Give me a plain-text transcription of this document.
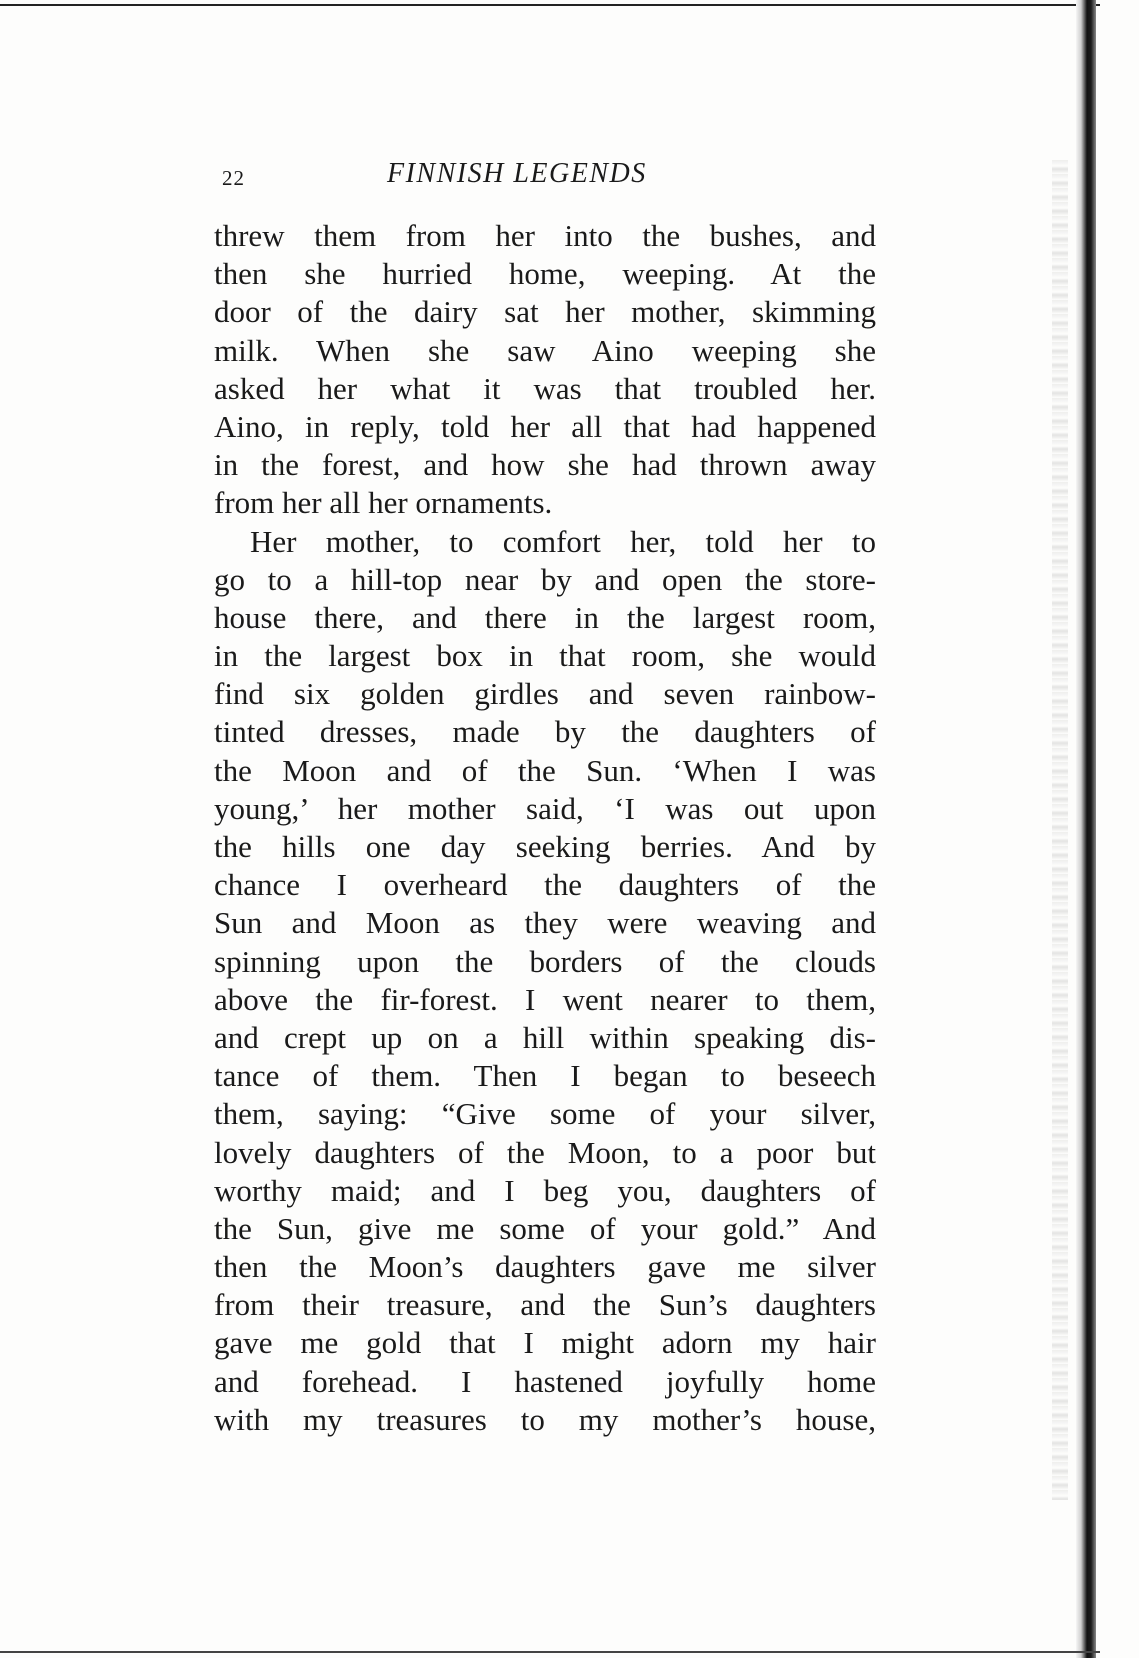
22	FINNISH LEGENDS
threw them from her into the bushes, and
then she hurried home, weeping. At the
door of the dairy sat her mother, skimming
milk. When she saw Aino weeping she
asked her what it was that troubled her.
Aino, in reply, told her all that had happened
in the forest, and how she had thrown away
from her all her ornaments.
Her mother, to comfort her, told her to
go to a hill-top near by and open the store-
house there, and there in the largest room,
in the largest box in that room, she would
find six golden girdles and seven rainbow-
tinted dresses, made by the daughters of
the Moon and of the Sun. ‘When I was
young,’ her mother said, ‘I was out upon
the hills one day seeking berries. And by
chance I overheard the daughters of the
Sun and Moon as they were weaving and
spinning upon the borders of the clouds
above the fir-forest. I went nearer to them,
and crept up on a hill within speaking dis-
tance of them. Then I began to beseech
them, saying: “Give some of your silver,
lovely daughters of the Moon, to a poor but
worthy maid; and I beg you, daughters of
the Sun, give me some of your gold.” And
then the Moon’s daughters gave me silver
from their treasure, and the Sun’s daughters
gave me gold that I might adorn my hair
and forehead. I hastened joyfully home
with my treasures to my mother’s house,
